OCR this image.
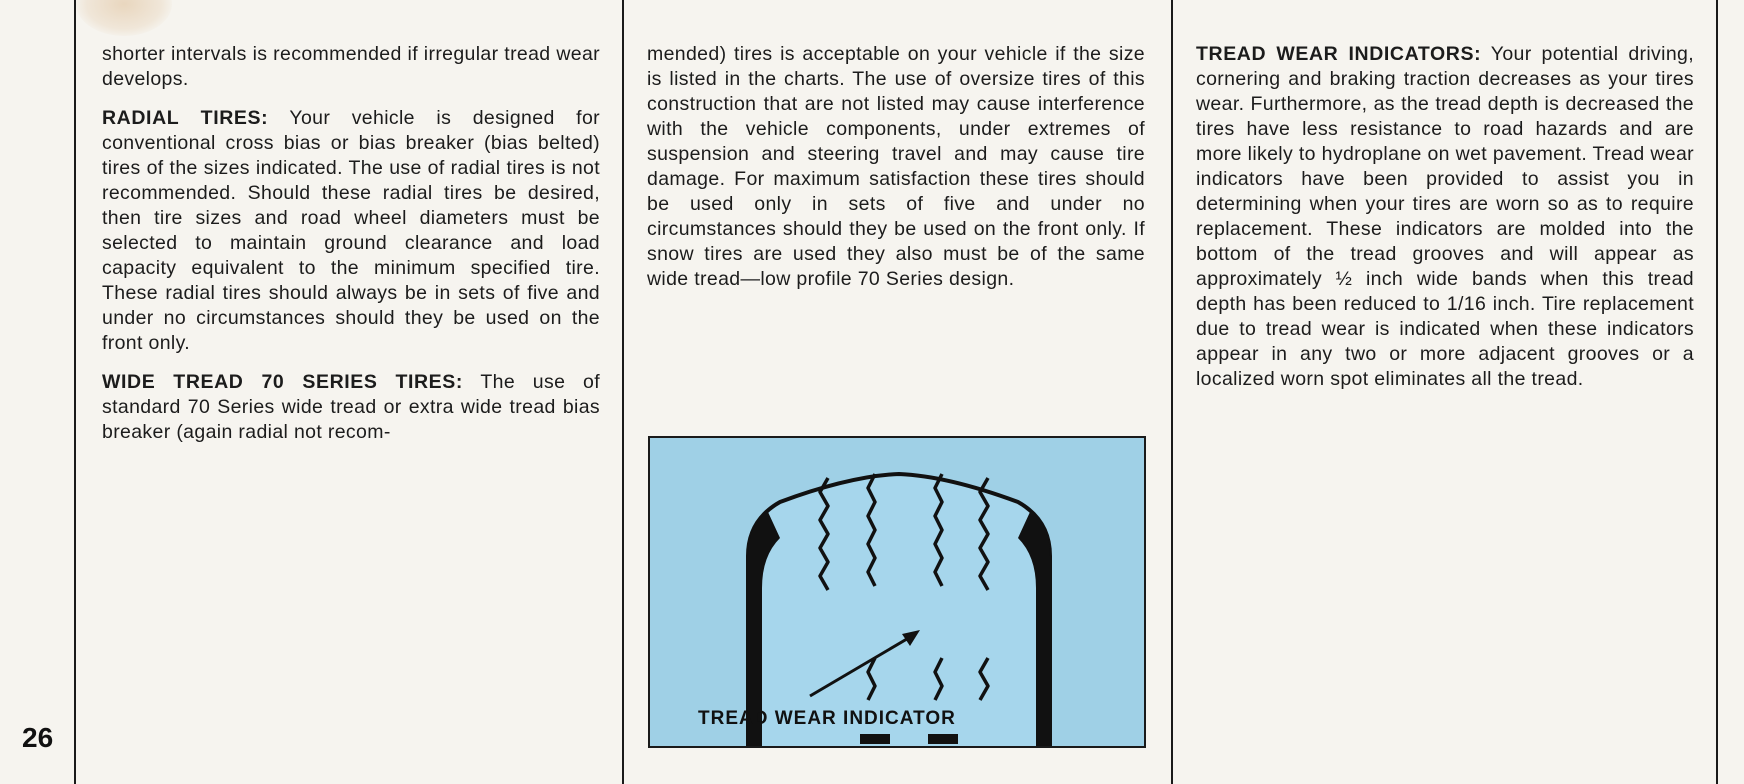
shorter intervals is recommended if irregular tread wear develops.

RADIAL TIRES: Your vehicle is designed for conventional cross bias or bias breaker (bias belted) tires of the sizes indicated. The use of radial tires is not recommended. Should these radial tires be desired, then tire sizes and road wheel diameters must be selected to maintain ground clearance and load capacity equivalent to the minimum specified tire. These radial tires should always be in sets of five and under no circumstances should they be used on the front only.

WIDE TREAD 70 SERIES TIRES: The use of standard 70 Series wide tread or extra wide tread bias breaker (again radial not recom-

mended) tires is acceptable on your vehicle if the size is listed in the charts. The use of oversize tires of this construction that are not listed may cause interference with the vehicle components, under extremes of suspension and steering travel and may cause tire damage. For maximum satisfaction these tires should be used only in sets of five and under no circumstances should they be used on the front only. If snow tires are used they also must be of the same wide tread—low profile 70 Series design.

TREAD WEAR INDICATOR

TREAD WEAR INDICATORS: Your potential driving, cornering and braking traction decreases as your tires wear. Furthermore, as the tread depth is decreased the tires have less resistance to road hazards and are more likely to hydroplane on wet pavement. Tread wear indicators have been provided to assist you in determining when your tires are worn so as to require replacement. These indicators are molded into the bottom of the tread grooves and will appear as approximately ½ inch wide bands when this tread depth has been reduced to 1/16 inch. Tire replacement due to tread wear is indicated when these indicators appear in any two or more adjacent grooves or a localized worn spot eliminates all the tread.

26
